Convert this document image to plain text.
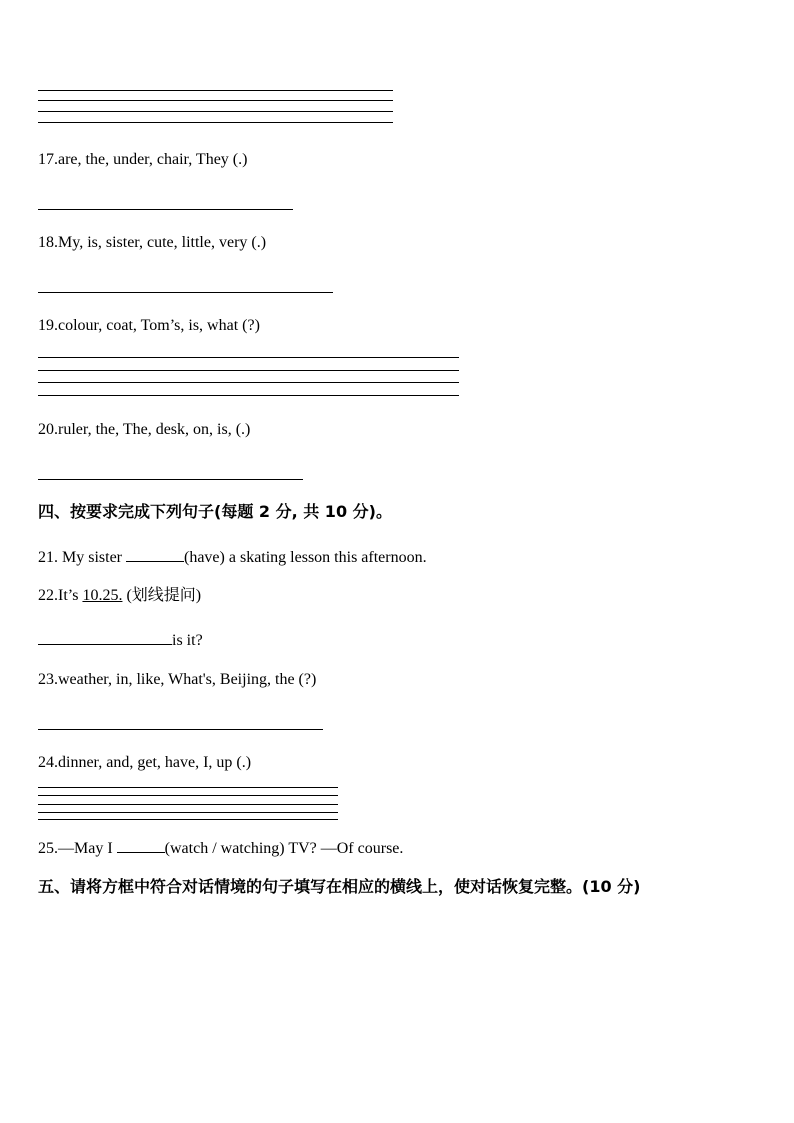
17.are, the, under, chair, They (.)
18.My, is, sister, cute, little, very (.)
19.colour, coat, Tom’s, is, what (?)
20.ruler, the, The, desk, on, is, (.)
四、按要求完成下列句子(每题 2 分, 共 10 分)。
21. My sister	(have) a skating lesson this afternoon.
22.It’s 10.25. (划线提问)
is it?
23.weather, in, like, What's, Beijing, the (?)
24.dinner, and, get, have, I, up (.)
25.—May I	(watch / watching) TV? —Of course.
五、请将方框中符合对话情境的句子填写在相应的横线上，使对话恢复完整。(10 分)
